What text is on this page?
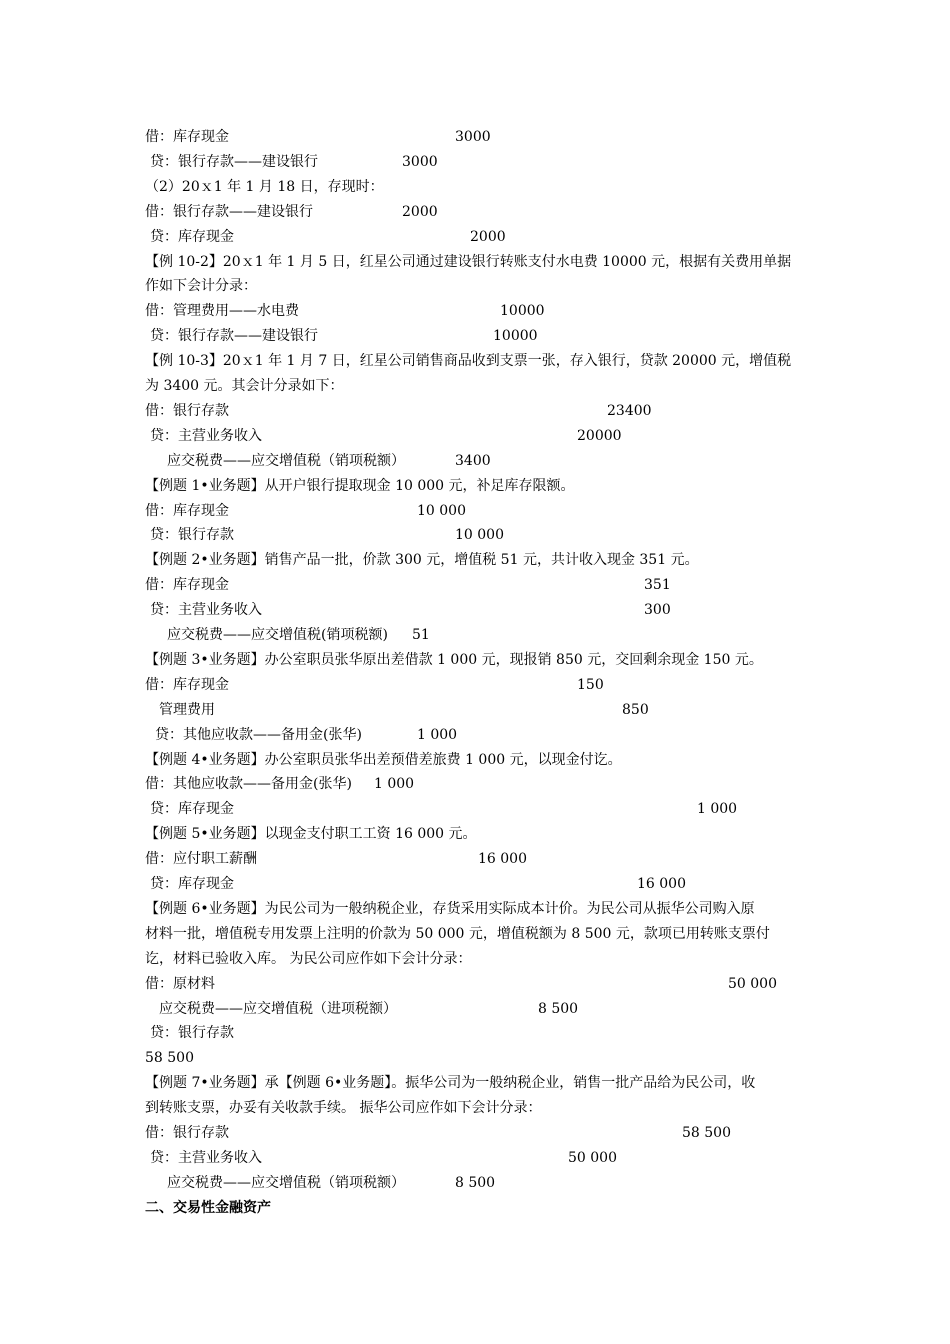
借：库存现金	3000
贷：银行存款——建设银行	3000
（2）20ｘ1 年 1 月 18 日，存现时：
借：银行存款——建设银行	2000
贷：库存现金	2000
【例 10-2】20ｘ1 年 1 月 5 日，红星公司通过建设银行转账支付水电费 10000 元，根据有关费用单据
作如下会计分录：
借：管理费用——水电费	10000
贷：银行存款——建设银行	10000
【例 10-3】20ｘ1 年 1 月 7 日，红星公司销售商品收到支票一张，存入银行，贷款 20000 元，增值税
为 3400 元。其会计分录如下：
借：银行存款	23400
贷：主营业务收入	20000
应交税费——应交增值税（销项税额）	3400
【例题 1•业务题】从开户银行提取现金 10 000 元，补足库存限额。
借：库存现金	10 000
贷：银行存款	10 000
【例题 2•业务题】销售产品一批，价款 300 元，增值税 51 元，共计收入现金 351 元。
借：库存现金	351
贷：主营业务收入	300
应交税费——应交增值税(销项税额) 51
【例题 3•业务题】办公室职员张华原出差借款 1 000 元，现报销 850 元，交回剩余现金 150 元。
借：库存现金	150
管理费用	850
贷：其他应收款——备用金(张华)	1 000
【例题 4•业务题】办公室职员张华出差预借差旅费 1 000 元，以现金付讫。
借：其他应收款——备用金(张华) 1 000
贷：库存现金	1 000
【例题 5•业务题】以现金支付职工工资 16 000 元。
借：应付职工薪酬	16 000
贷：库存现金	16 000
【例题 6•业务题】为民公司为一般纳税企业，存货采用实际成本计价。为民公司从振华公司购入原
材料一批，增值税专用发票上注明的价款为 50 000 元，增值税额为 8 500 元，款项已用转账支票付
讫，材料已验收入库。 为民公司应作如下会计分录：
借：原材料	50 000
应交税费——应交增值税（进项税额）	8 500
贷：银行存款
58 500
【例题 7•业务题】承【例题 6•业务题】。振华公司为一般纳税企业，销售一批产品给为民公司，收
到转账支票，办妥有关收款手续。 振华公司应作如下会计分录：
借：银行存款	58 500
贷：主营业务收入	50 000
应交税费——应交增值税（销项税额）	8 500
二、交易性金融资产
